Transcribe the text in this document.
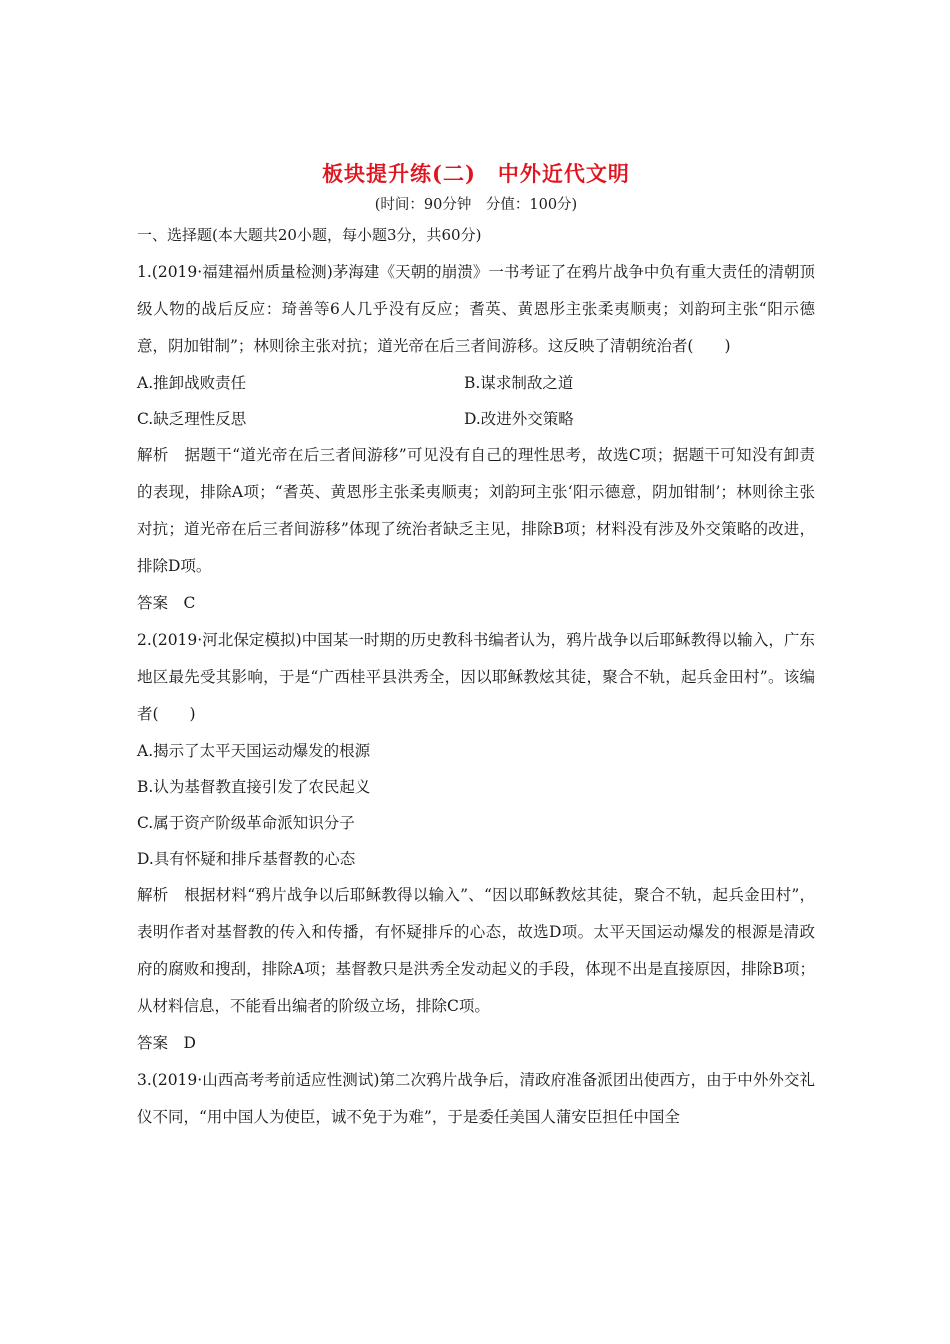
板块提升练(二)　中外近代文明
(时间：90分钟　分值：100分)
一、选择题(本大题共20小题，每小题3分，共60分)

1.(2019·福建福州质量检测)茅海建《天朝的崩溃》一书考证了在鸦片战争中负有重大责任的清朝顶级人物的战后反应：琦善等6人几乎没有反应；耆英、黄恩彤主张柔夷顺夷；刘韵珂主张“阳示德意，阴加钳制”；林则徐主张对抗；道光帝在后三者间游移。这反映了清朝统治者(　　)

A.推卸战败责任	B.谋求制敌之道
C.缺乏理性反思	D.改进外交策略

解析　据题干“道光帝在后三者间游移”可见没有自己的理性思考，故选C项；据题干可知没有卸责的表现，排除A项；“耆英、黄恩彤主张柔夷顺夷；刘韵珂主张‘阳示德意，阴加钳制’；林则徐主张对抗；道光帝在后三者间游移”体现了统治者缺乏主见，排除B项；材料没有涉及外交策略的改进，排除D项。

答案　C

2.(2019·河北保定模拟)中国某一时期的历史教科书编者认为，鸦片战争以后耶稣教得以输入，广东地区最先受其影响，于是“广西桂平县洪秀全，因以耶稣教炫其徒，聚合不轨，起兵金田村”。该编者(　　)

A.揭示了太平天国运动爆发的根源
B.认为基督教直接引发了农民起义
C.属于资产阶级革命派知识分子
D.具有怀疑和排斥基督教的心态

解析　根据材料“鸦片战争以后耶稣教得以输入”、“因以耶稣教炫其徒，聚合不轨，起兵金田村”，表明作者对基督教的传入和传播，有怀疑排斥的心态，故选D项。太平天国运动爆发的根源是清政府的腐败和搜刮，排除A项；基督教只是洪秀全发动起义的手段，体现不出是直接原因，排除B项；从材料信息，不能看出编者的阶级立场，排除C项。

答案　D

3.(2019·山西高考考前适应性测试)第二次鸦片战争后，清政府准备派团出使西方，由于中外外交礼仪不同，“用中国人为使臣，诚不免于为难”，于是委任美国人蒲安臣担任中国全
